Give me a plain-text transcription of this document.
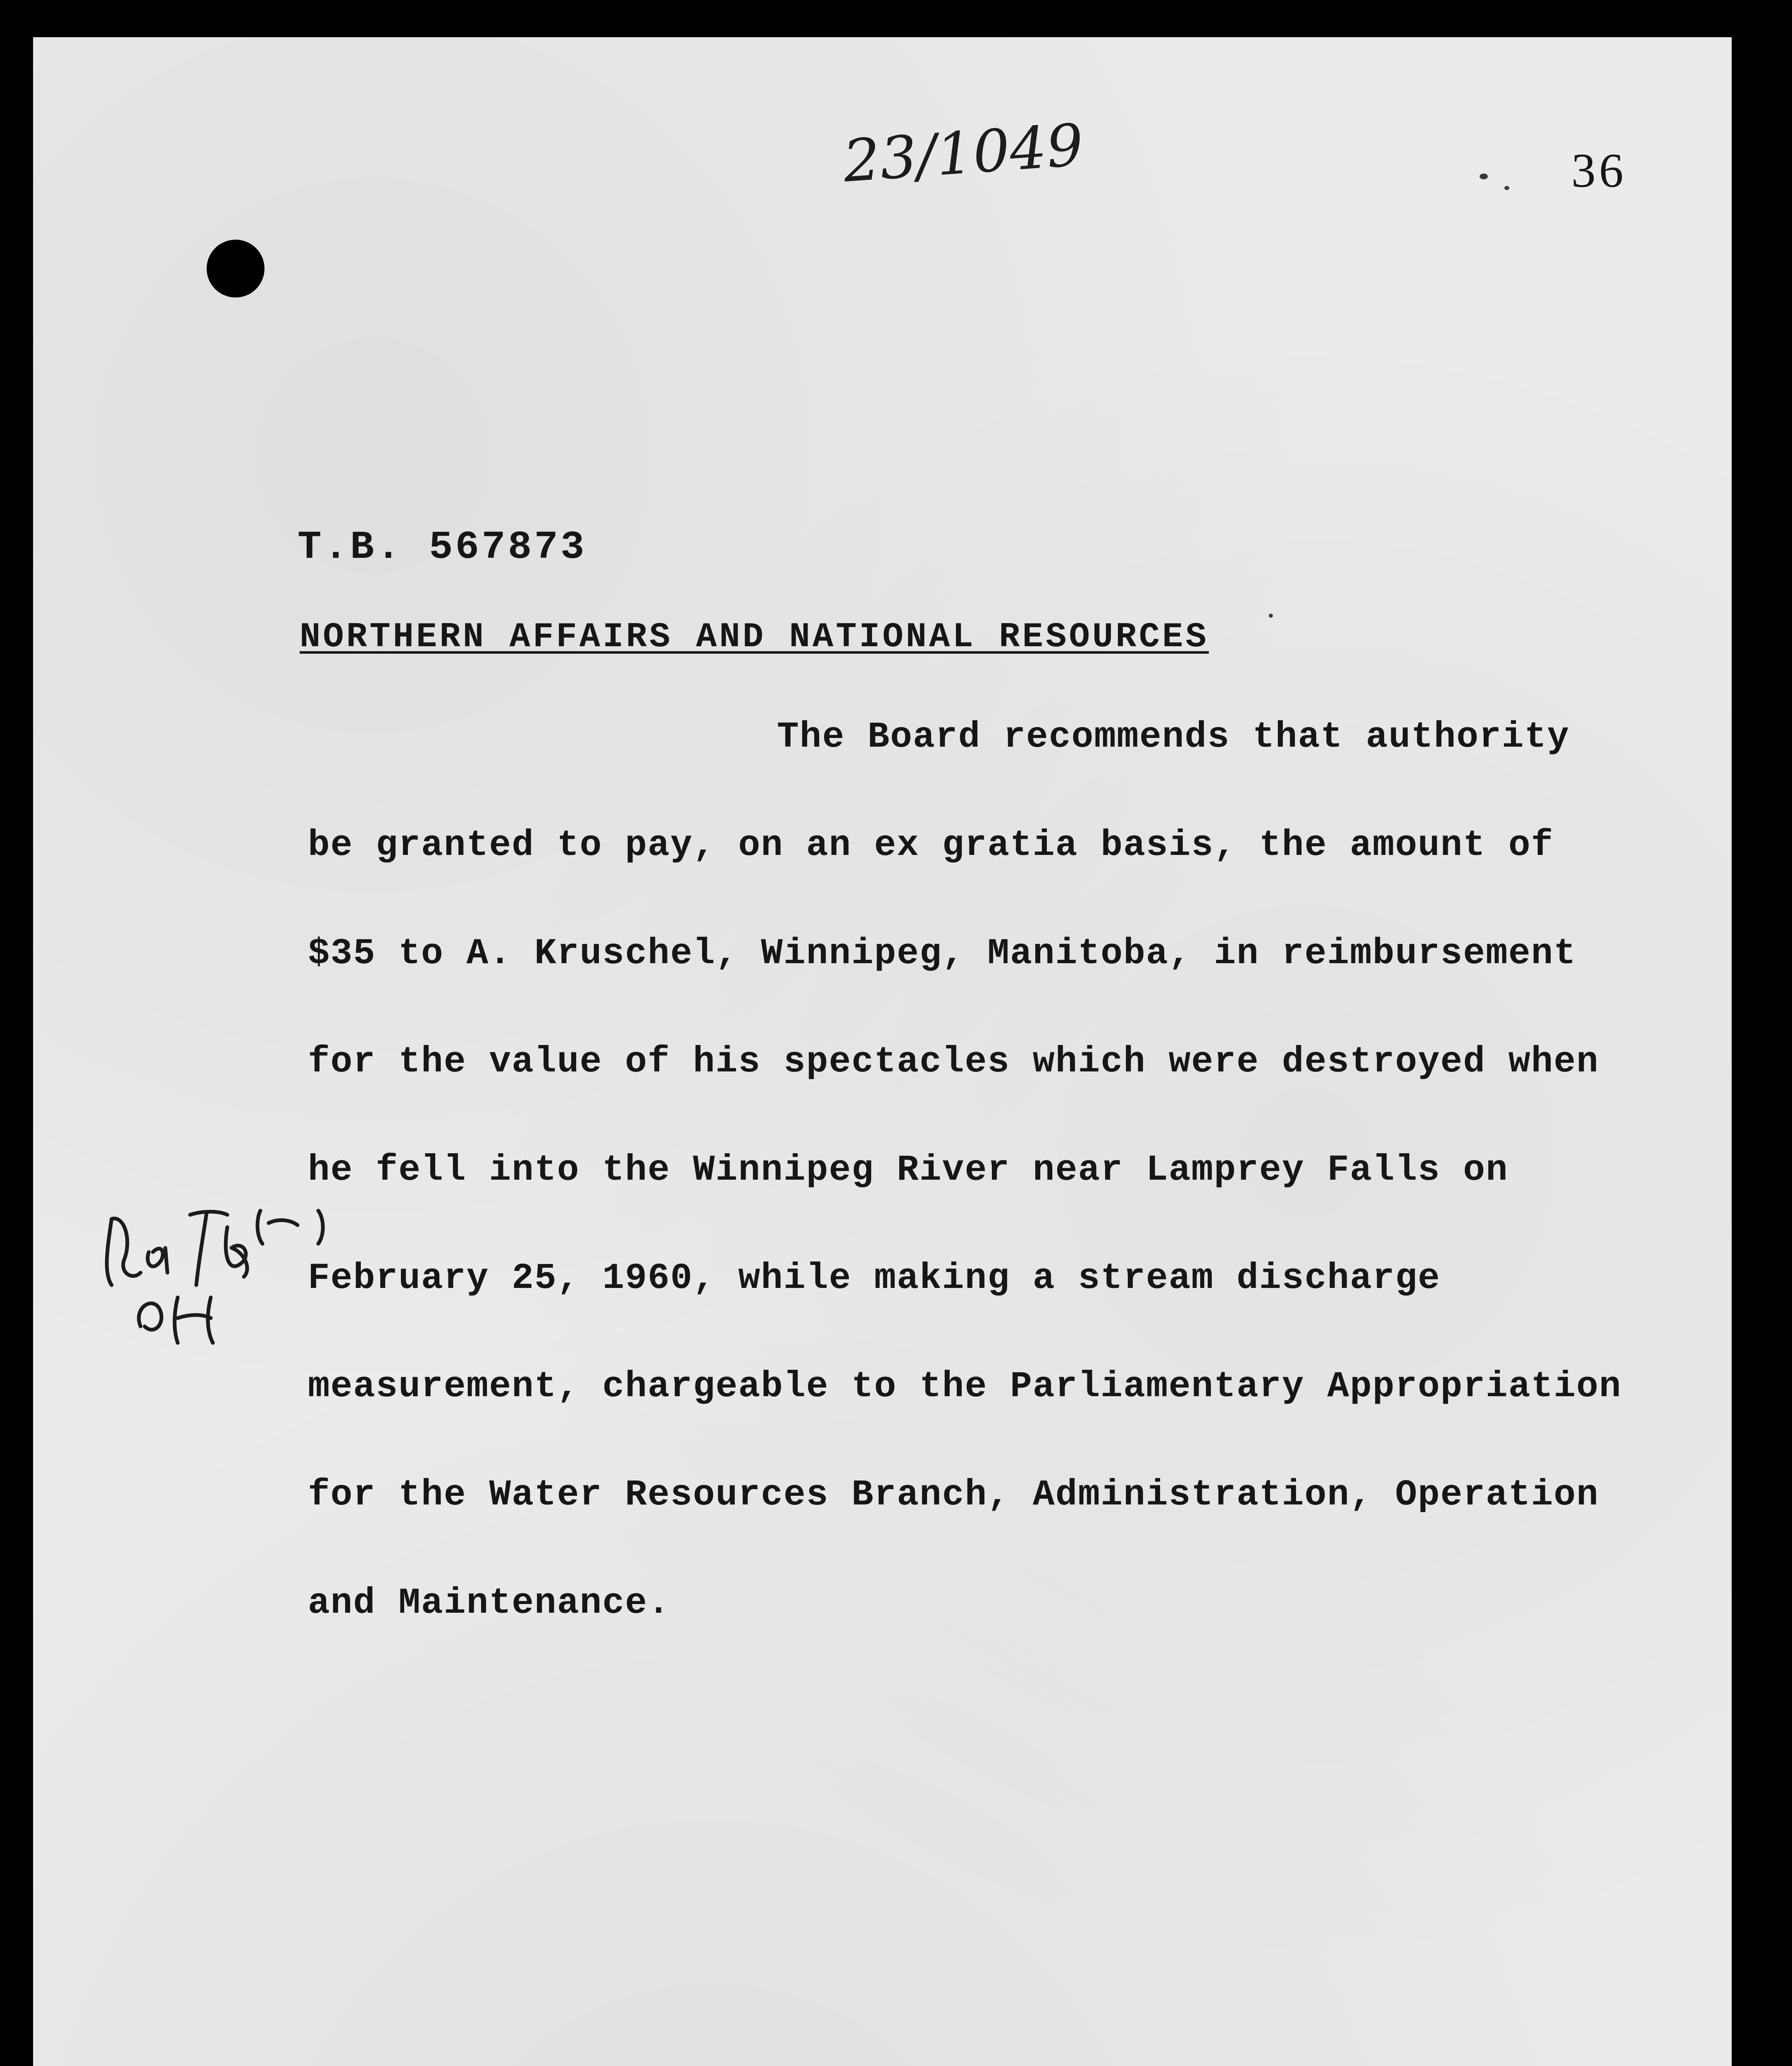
23/1049	36
T.B. 567873
NORTHERN AFFAIRS AND NATIONAL RESOURCES
The Board recommends that authority
be granted to pay, on an ex gratia basis, the amount of
$35 to A. Kruschel, Winnipeg, Manitoba, in reimbursement
for the value of his spectacles which were destroyed when
he fell into the Winnipeg River near Lamprey Falls on
February 25, 1960, while making a stream discharge
measurement, chargeable to the Parliamentary Appropriation
for the Water Resources Branch, Administration, Operation
and Maintenance.
